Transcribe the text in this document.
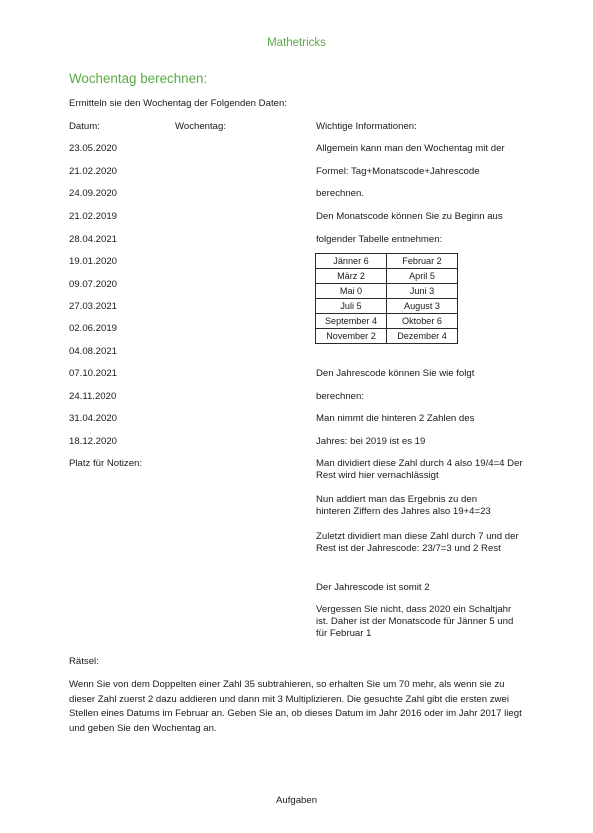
Mathetricks
Wochentag berechnen:
Ermitteln sie den Wochentag der Folgenden Daten:
Datum:	Wochentag:	Wichtige Informationen:
23.05.2020
21.02.2020
24.09.2020
21.02.2019
28.04.2021
19.01.2020
09.07.2020
27.03.2021
02.06.2019
04.08.2021
07.10.2021
24.11.2020
31.04.2020
18.12.2020
Allgemein kann man den Wochentag mit der
Formel: Tag+Monatscode+Jahrescode
berechnen.
Den Monatscode können Sie zu Beginn aus
folgender Tabelle entnehmen:
Jänner 6	Februar 2
März 2	April 5
Mai 0	Juni 3
Juli 5	August 3
September 4	Oktober 6
November 2	Dezember 4
Den Jahrescode können Sie wie folgt
berechnen:
Man nimmt die hinteren 2 Zahlen des
Jahres: bei 2019 ist es 19
Platz für Notizen:	Man dividiert diese Zahl durch 4 also 19/4=4 Der Rest wird hier vernachlässigt
Nun addiert man das Ergebnis zu den hinteren Ziffern des Jahres also 19+4=23
Zuletzt dividiert man diese Zahl durch 7 und der Rest ist der Jahrescode: 23/7=3 und 2 Rest
Der Jahrescode ist somit 2
Vergessen Sie nicht, dass 2020 ein Schaltjahr ist. Daher ist der Monatscode für Jänner 5 und für Februar 1
Rätsel:
Wenn Sie von dem Doppelten einer Zahl 35 subtrahieren, so erhalten Sie um 70 mehr, als wenn sie zu dieser Zahl zuerst 2 dazu addieren und dann mit 3 Multiplizieren. Die gesuchte Zahl gibt die ersten zwei Stellen eines Datums im Februar an. Geben Sie an, ob dieses Datum im Jahr 2016 oder im Jahr 2017 liegt und geben Sie den Wochentag an.
Aufgaben
